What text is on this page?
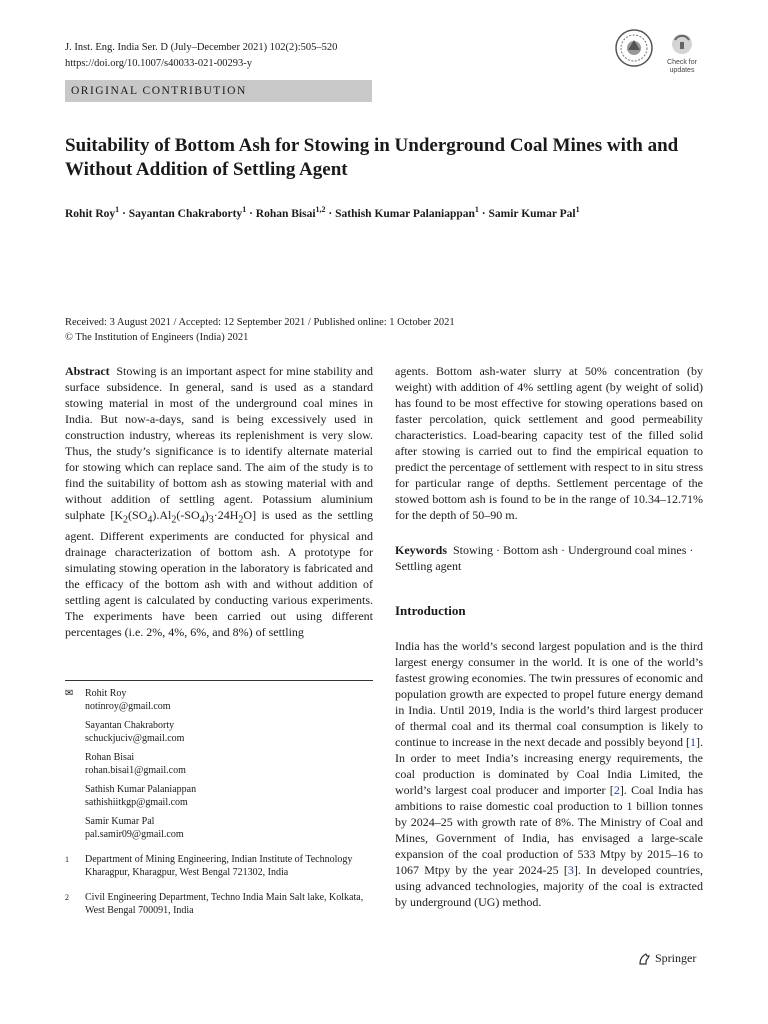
J. Inst. Eng. India Ser. D (July–December 2021) 102(2):505–520
https://doi.org/10.1007/s40033-021-00293-y	Check for
updates
ORIGINAL CONTRIBUTION
Suitability of Bottom Ash for Stowing in Underground Coal Mines with and Without Addition of Settling Agent
Rohit Roy$^1$ · Sayantan Chakraborty$^1$ · Rohan Bisai$^{1,2}$ · Sathish Kumar Palaniappan$^1$ · Samir Kumar Pal$^1$
Received: 3 August 2021 / Accepted: 12 September 2021 / Published online: 1 October 2021
© The Institution of Engineers (India) 2021

Abstract Stowing is an important aspect for mine stability and surface subsidence. In general, sand is used as a standard stowing material in most of the underground coal mines in India. But now-a-days, sand is being excessively used in construction industry, whereas its replenishment is very slow. Thus, the study’s significance is to identify alternate material for stowing which can replace sand. The aim of the study is to find the suitability of bottom ash as stowing material with and without addition of settling agent. Potassium aluminium sulphate $[K_2(SO_4).Al_2(-SO_4)_3\cdot 24H_2O]$ is used as the settling agent. Different experiments are conducted for physical and drainage characterization of bottom ash. A prototype for simulating stowing operation in the laboratory is fabricated and the efficacy of the bottom ash with and without addition of settling agent is calculated by conducting various experiments. The experiments have been carried out using different percentages (i.e. 2%, 4%, 6%, and 8%) of settling

agents. Bottom ash-water slurry at 50% concentration (by weight) with addition of 4% settling agent (by weight of solid) has found to be most effective for stowing operations based on faster percolation, quick settlement and good permeability characteristics. Load-bearing capacity test of the filled solid after stowing is carried out to find the empirical equation to predict the percentage of settlement with respect to in situ stress for particular range of depths. Settlement percentage of the stowed bottom ash is found to be in the range of 10.34–12.71% for the depth of 50–90 m.

Keywords Stowing · Bottom ash · Underground coal mines · Settling agent
Introduction

India has the world’s second largest population and is the third largest energy consumer in the world. It is one of the world’s fastest growing economies. The twin pressures of economic and population growth are expected to propel future energy demand in India. Until 2019, India is the world’s third largest producer of thermal coal and its thermal coal consumption is likely to continue to increase in the next decade and possibly beyond [1]. In order to meet India’s increasing energy requirements, the coal production is dominated by Coal India Limited, the world’s largest coal producer and importer [2]. Coal India has ambitions to raise domestic coal production to 1 billion tonnes by 2024–25 with growth rate of 8%. The Ministry of Coal and Mines, Government of India, has envisaged a large-scale expansion of the coal production of 533 Mtpy by 2015–16 to 1067 Mtpy by the year 2024-25 [3]. In developed countries, using advanced technologies, majority of the coal is extracted by underground (UG) method.

✉	Rohit Roy
notinroy@gmail.com
Sayantan Chakraborty
schuckjuciv@gmail.com
Rohan Bisai
rohan.bisai1@gmail.com
Sathish Kumar Palaniappan
sathishiitkgp@gmail.com
Samir Kumar Pal
pal.samir09@gmail.com
1	Department of Mining Engineering, Indian Institute of Technology Kharagpur, Kharagpur, West Bengal 721302, India
2	Civil Engineering Department, Techno India Main Salt lake, Kolkata, West Bengal 700091, India
Springer
